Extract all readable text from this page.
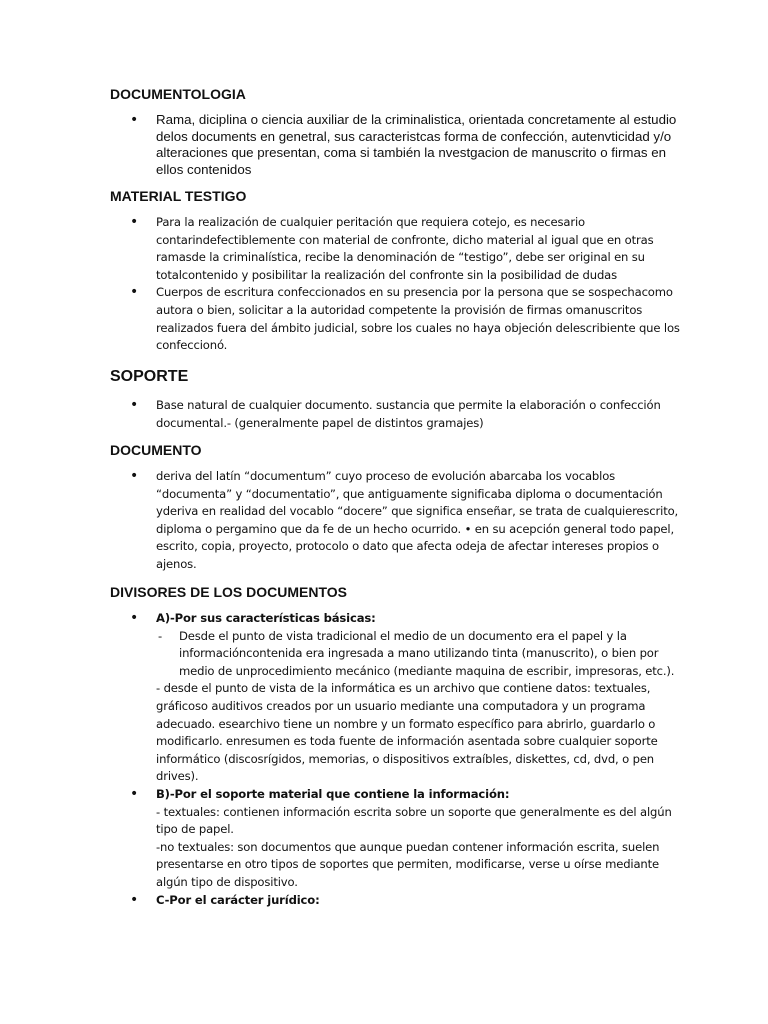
DOCUMENTOLOGIA
• Rama, diciplina o ciencia auxiliar de la criminalistica, orientada concretamente al estudio delos documents en genetral, sus caracteristcas forma de confección, autenvticidad y/o alteraciones que presentan, coma si también la nvestgacion de manuscrito o firmas en ellos contenidos
MATERIAL TESTIGO
• Para la realización de cualquier peritación que requiera cotejo, es necesario contarindefectiblemente con material de confronte, dicho material al igual que en otras ramasde la criminalística, recibe la denominación de “testigo”, debe ser original en su totalcontenido y posibilitar la realización del confronte sin la posibilidad de dudas
• Cuerpos de escritura confeccionados en su presencia por la persona que se sospechacomo autora o bien, solicitar a la autoridad competente la provisión de firmas omanuscritos realizados fuera del ámbito judicial, sobre los cuales no haya objeción delescribiente que los confeccionó.
SOPORTE
• Base natural de cualquier documento. sustancia que permite la elaboración o confección documental.- (generalmente papel de distintos gramajes)
DOCUMENTO
• deriva del latín “documentum” cuyo proceso de evolución abarcaba los vocablos “documenta” y “documentatio”, que antiguamente significaba diploma o documentación yderiva en realidad del vocablo “docere” que significa enseñar, se trata de cualquierescrito, diploma o pergamino que da fe de un hecho ocurrido. • en su acepción general todo papel, escrito, copia, proyecto, protocolo o dato que afecta odeja de afectar intereses propios o ajenos.
DIVISORES DE LOS DOCUMENTOS

• A)-Por sus características básicas:

- Desde el punto de vista tradicional el medio de un documento era el papel y la informacióncontenida era ingresada a mano utilizando tinta (manuscrito), o bien por medio de unprocedimiento mecánico (mediante maquina de escribir, impresoras, etc.).

- desde el punto de vista de la informática es un archivo que contiene datos: textuales, gráficoso auditivos creados por un usuario mediante una computadora y un programa adecuado. esearchivo tiene un nombre y un formato específico para abrirlo, guardarlo o modificarlo. enresumen es toda fuente de información asentada sobre cualquier soporte informático (discosrígidos, memorias, o dispositivos extraíbles, diskettes, cd, dvd, o pen drives).

• B)-Por el soporte material que contiene la información:

- textuales: contienen información escrita sobre un soporte que generalmente es del algún tipo de papel.

-no textuales: son documentos que aunque puedan contener información escrita, suelen presentarse en otro tipos de soportes que permiten, modificarse, verse u oírse mediante algún tipo de dispositivo.

• C-Por el carácter jurídico:
